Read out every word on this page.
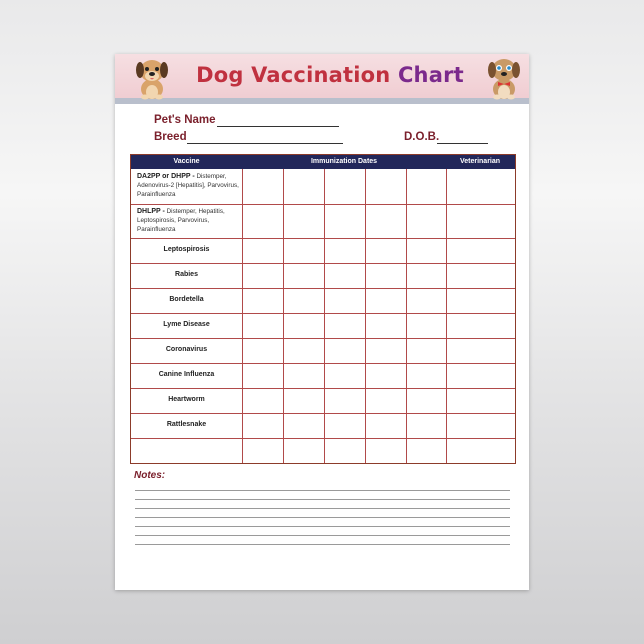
Dog Vaccination Chart
Pet's Name
Breed	D.O.B.
Vaccine	Immunization Dates	Veterinarian
DA2PP or DHPP - Distemper, Adenovirus-2 [Hepatitis], Parvovirus, Parainfluenza
DHLPP - Distemper, Hepatitis, Leptospirosis, Parvovirus, Parainfluenza
Leptospirosis
Rabies
Bordetella
Lyme Disease
Coronavirus
Canine Influenza
Heartworm
Rattlesnake
Notes:
